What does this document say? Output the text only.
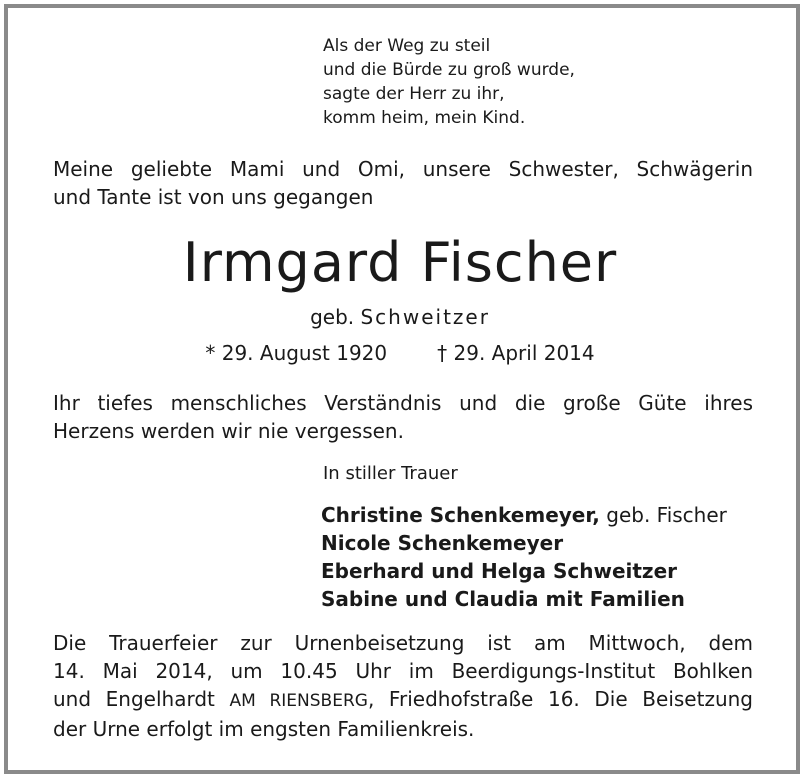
Als der Weg zu steil
und die Bürde zu groß wurde,
sagte der Herr zu ihr,
komm heim, mein Kind.
Meine geliebte Mami und Omi, unsere Schwester, Schwägerin
und Tante ist von uns gegangen
Irmgard Fischer
geb. Schweitzer
* 29. August 1920	† 29. April 2014
Ihr tiefes menschliches Verständnis und die große Güte ihres
Herzens werden wir nie vergessen.
In stiller Trauer
Christine Schenkemeyer, geb. Fischer
Nicole Schenkemeyer
Eberhard und Helga Schweitzer
Sabine und Claudia mit Familien
Die Trauerfeier zur Urnenbeisetzung ist am Mittwoch, dem
14. Mai 2014, um 10.45 Uhr im Beerdigungs-Institut Bohlken
und Engelhardt AM RIENSBERG, Friedhofstraße 16. Die Beisetzung
der Urne erfolgt im engsten Familienkreis.
